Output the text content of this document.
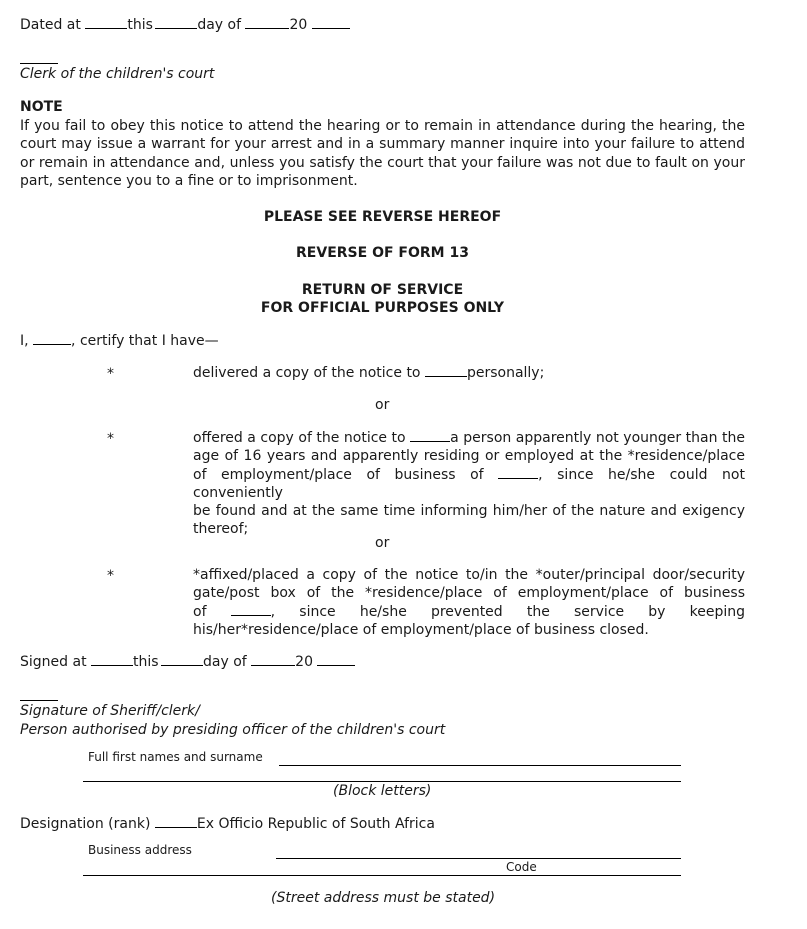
Dated at	this	day of	20
Clerk of the children's court
NOTE
If you fail to obey this notice to attend the hearing or to remain in attendance during the hearing, the
court may issue a warrant for your arrest and in a summary manner inquire into your failure to attend
or remain in attendance and, unless you satisfy the court that your failure was not due to fault on your
part, sentence you to a fine or to imprisonment.
PLEASE SEE REVERSE HEREOF
REVERSE OF FORM 13
RETURN OF SERVICE
FOR OFFICIAL PURPOSES ONLY
I,	, certify that I have—
*	delivered a copy of the notice to	personally;
or
*	offered a copy of the notice to	a person apparently not younger than the
age of 16 years and apparently residing or employed at the *residence/place
of employment/place of business of	, since he/she could not conveniently
be found and at the same time informing him/her of the nature and exigency
thereof;
or
*	*affixed/placed a copy of the notice to/in the *outer/principal door/security
gate/post box of the *residence/place of employment/place of business
of	, since he/she prevented the service by keeping
his/her*residence/place of employment/place of business closed.
Signed at	this	day of	20
Signature of Sheriff/clerk/
Person authorised by presiding officer of the children's court
Full first names and surname
(Block letters)
Designation (rank)	Ex Officio Republic of South Africa
Business address
Code
(Street address must be stated)
